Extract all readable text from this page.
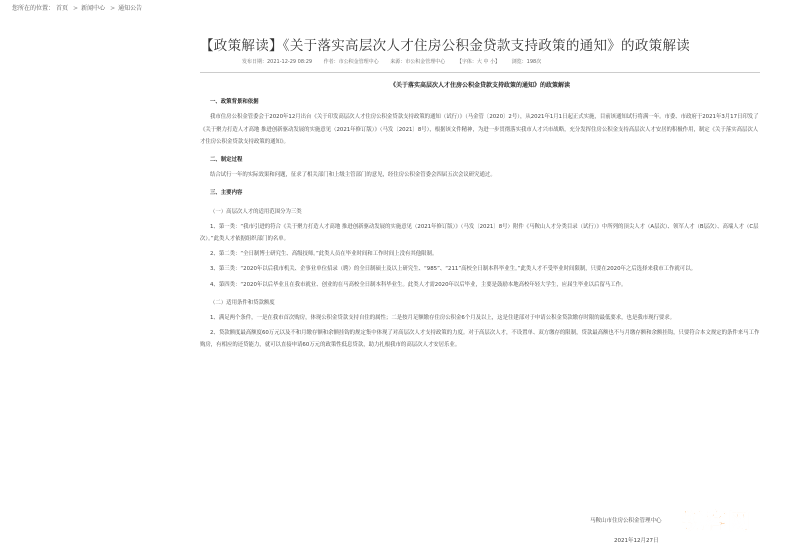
您所在的位置： 首页 > 新闻中心 > 通知公告
【政策解读】《关于落实高层次人才住房公积金贷款支持政策的通知》的政策解读
发布日期：2021-12-29 08:29 作者：市公积金管理中心 来源：市公积金管理中心 【字体：大 中 小】 浏览：198次

《关于落实高层次人才住房公积金贷款支持政策的通知》的政策解读

一、政策背景和依据

我市住房公积金管委会于2020年12月出台《关于印发高层次人才住房公积金贷款支持政策的通知（试行）》（马金管〔2020〕2号），从2021年1月1日起正式实施，目前该通知试行将满一年。市委、市政府于2021年3月17日印发了《关于聚力打造人才高地 推进创新驱动发展的实施意见（2021年修订版）》（马发〔2021〕8号），根据该文件精神，为进一步贯彻落实我市人才兴市战略，充分发挥住房公积金支持高层次人才安居的积极作用，制定《关于落实高层次人才住房公积金贷款支持政策的通知》。

二、制定过程

结合试行一年的实际效果和问题，征求了相关部门和上级主管部门的意见，经住房公积金管委会四届五次会议研究通过。

三、主要内容

（一）高层次人才的适用范围分为三类

1、第一类：“我市引进的符合《关于聚力打造人才高地 推进创新驱动发展的实施意见（2021年修订版）》（马发〔2021〕8号）附件《马鞍山人才分类目录（试行）》中所列的顶尖人才（A层次）、领军人才（B层次）、高端人才（C层次）。”此类人才依据组织部门的名单。

2、第二类：“全日制博士研究生、高级技师。”此类人员在毕业时间和工作时间上没有其他限制。

3、第三类：“2020年以后我市机关、企事业单位招录（聘）的全日制硕士及以上研究生、“985”、“211”高校全日制本科毕业生。”此类人才不受毕业时间限制，只要在2020年之后选择来我市工作就可以。

4、第四类：“2020年以后毕业且在我市就业、创业的在马高校全日制本科毕业生。此类人才需2020年以后毕业，主要是鼓励本地高校年轻大学生，应届生毕业以后留马工作。

（二）适用条件和贷款额度

1、满足两个条件，一是在我市首次购房，体现公积金贷款支持自住的属性；二是按月足额缴存住房公积金6个月及以上，这是住建部对于申请公积金贷款缴存时限的最低要求，也是我市现行要求。

2、贷款额度最高额度60万元以及不和月缴存额和余额挂钩的规定集中体现了对高层次人才支持政策的力度。对于高层次人才，不设置单、双方缴存的限制，贷款最高额也不与月缴存额和余额挂钩，只要符合本文规定的条件来马工作购房，有相应的还贷能力，就可以直接申请60万元的政策性低息贷款，助力扎根我市的高层次人才安居乐业。

马鞍山市住房公积金管理中心
2021年12月27日
锐客网
